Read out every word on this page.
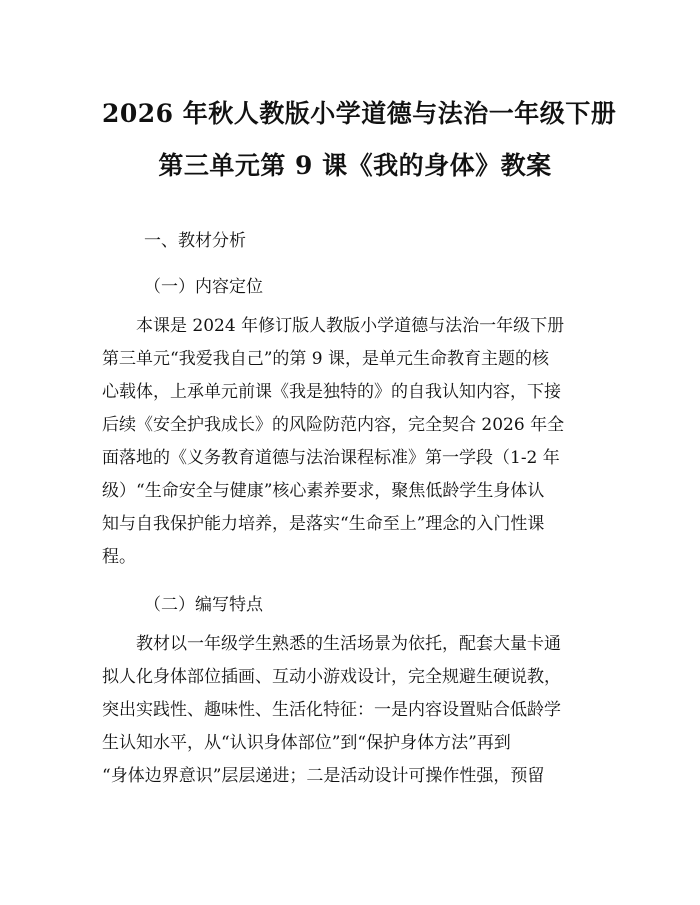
2026 年秋人教版小学道德与法治一年级下册
第三单元第 9 课《我的身体》教案

一、教材分析

（一）内容定位

本课是 2024 年修订版人教版小学道德与法治一年级下册
第三单元“我爱我自己”的第 9 课，是单元生命教育主题的核
心载体，上承单元前课《我是独特的》的自我认知内容，下接
后续《安全护我成长》的风险防范内容，完全契合 2026 年全
面落地的《义务教育道德与法治课程标准》第一学段（1-2 年
级）“生命安全与健康”核心素养要求，聚焦低龄学生身体认
知与自我保护能力培养，是落实“生命至上”理念的入门性课
程。

（二）编写特点

教材以一年级学生熟悉的生活场景为依托，配套大量卡通
拟人化身体部位插画、互动小游戏设计，完全规避生硬说教，
突出实践性、趣味性、生活化特征：一是内容设置贴合低龄学
生认知水平，从“认识身体部位”到“保护身体方法”再到
“身体边界意识”层层递进；二是活动设计可操作性强，预留
